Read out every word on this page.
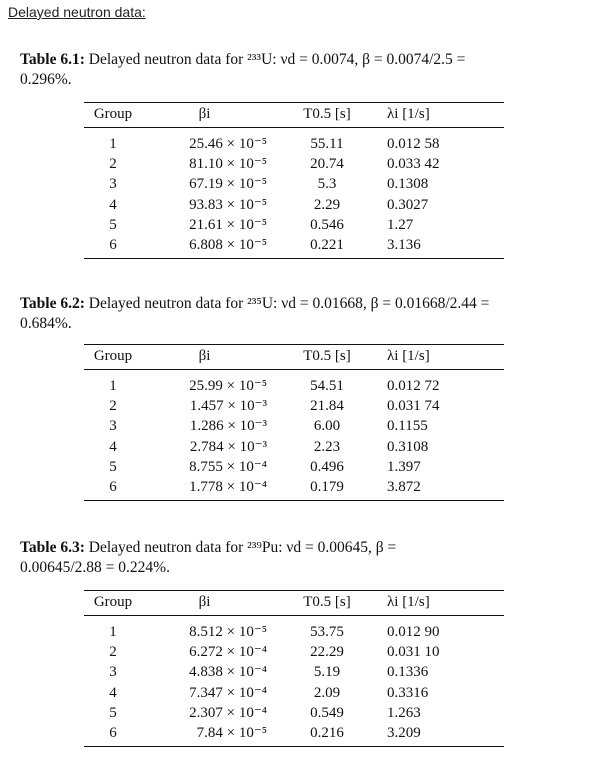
Delayed neutron data:
Table 6.1: Delayed neutron data for ²³³U: νd = 0.0074, β = 0.0074/2.5 =
0.296%.
Group	βi	T0.5 [s]	λi [1/s]
1	25.46 × 10⁻⁵	55.11	0.012 58
2	81.10 × 10⁻⁵	20.74	0.033 42
3	67.19 × 10⁻⁵	5.3	0.1308
4	93.83 × 10⁻⁵	2.29	0.3027
5	21.61 × 10⁻⁵	0.546	1.27
6	6.808 × 10⁻⁵	0.221	3.136
Table 6.2: Delayed neutron data for ²³⁵U: νd = 0.01668, β = 0.01668/2.44 =
0.684%.
Group	βi	T0.5 [s]	λi [1/s]
1	25.99 × 10⁻⁵	54.51	0.012 72
2	1.457 × 10⁻³	21.84	0.031 74
3	1.286 × 10⁻³	6.00	0.1155
4	2.784 × 10⁻³	2.23	0.3108
5	8.755 × 10⁻⁴	0.496	1.397
6	1.778 × 10⁻⁴	0.179	3.872
Table 6.3: Delayed neutron data for ²³⁹Pu: νd = 0.00645, β =
0.00645/2.88 = 0.224%.
Group	βi	T0.5 [s]	λi [1/s]
1	8.512 × 10⁻⁵	53.75	0.012 90
2	6.272 × 10⁻⁴	22.29	0.031 10
3	4.838 × 10⁻⁴	5.19	0.1336
4	7.347 × 10⁻⁴	2.09	0.3316
5	2.307 × 10⁻⁴	0.549	1.263
6	7.84 × 10⁻⁵	0.216	3.209
